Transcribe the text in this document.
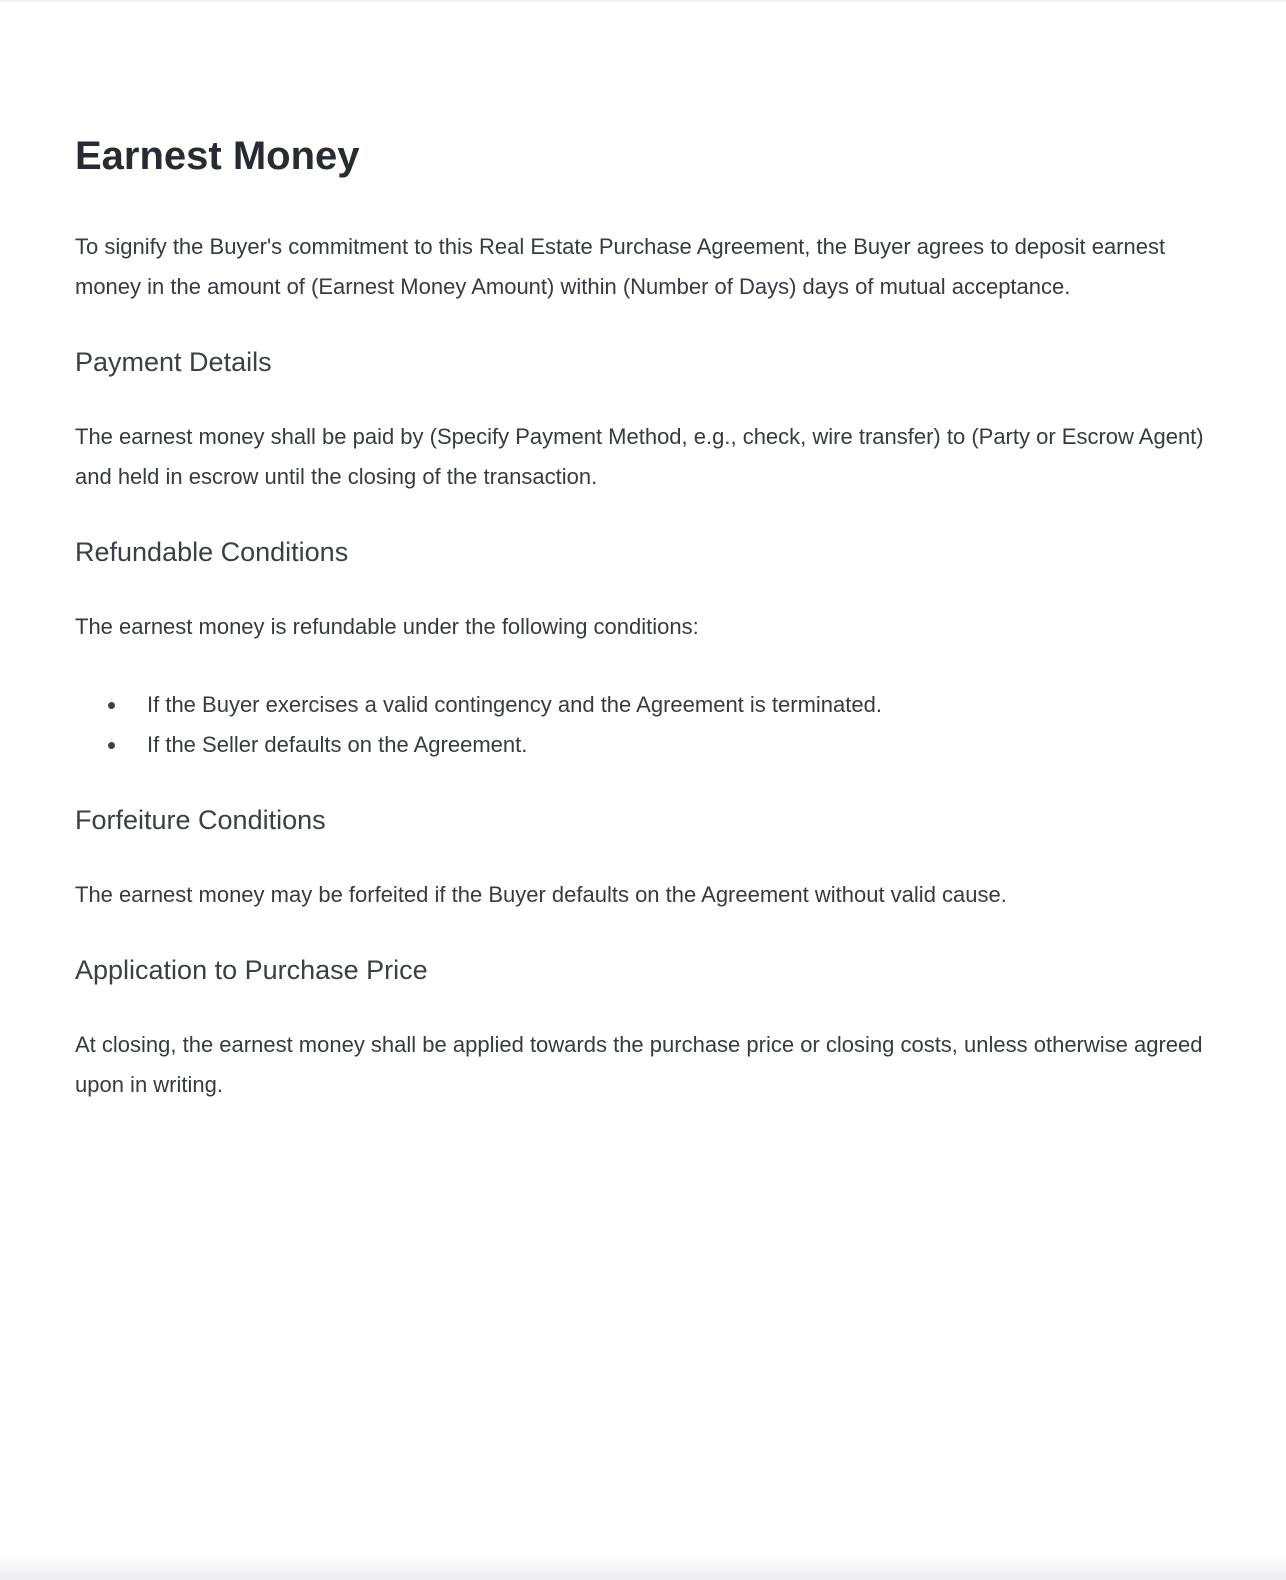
Earnest Money

To signify the Buyer's commitment to this Real Estate Purchase Agreement, the Buyer agrees to deposit earnest money in the amount of (Earnest Money Amount) within (Number of Days) days of mutual acceptance.

Payment Details

The earnest money shall be paid by (Specify Payment Method, e.g., check, wire transfer) to (Party or Escrow Agent) and held in escrow until the closing of the transaction.

Refundable Conditions

The earnest money is refundable under the following conditions:

If the Buyer exercises a valid contingency and the Agreement is terminated.
If the Seller defaults on the Agreement.
Forfeiture Conditions

The earnest money may be forfeited if the Buyer defaults on the Agreement without valid cause.

Application to Purchase Price

At closing, the earnest money shall be applied towards the purchase price or closing costs, unless otherwise agreed upon in writing.
